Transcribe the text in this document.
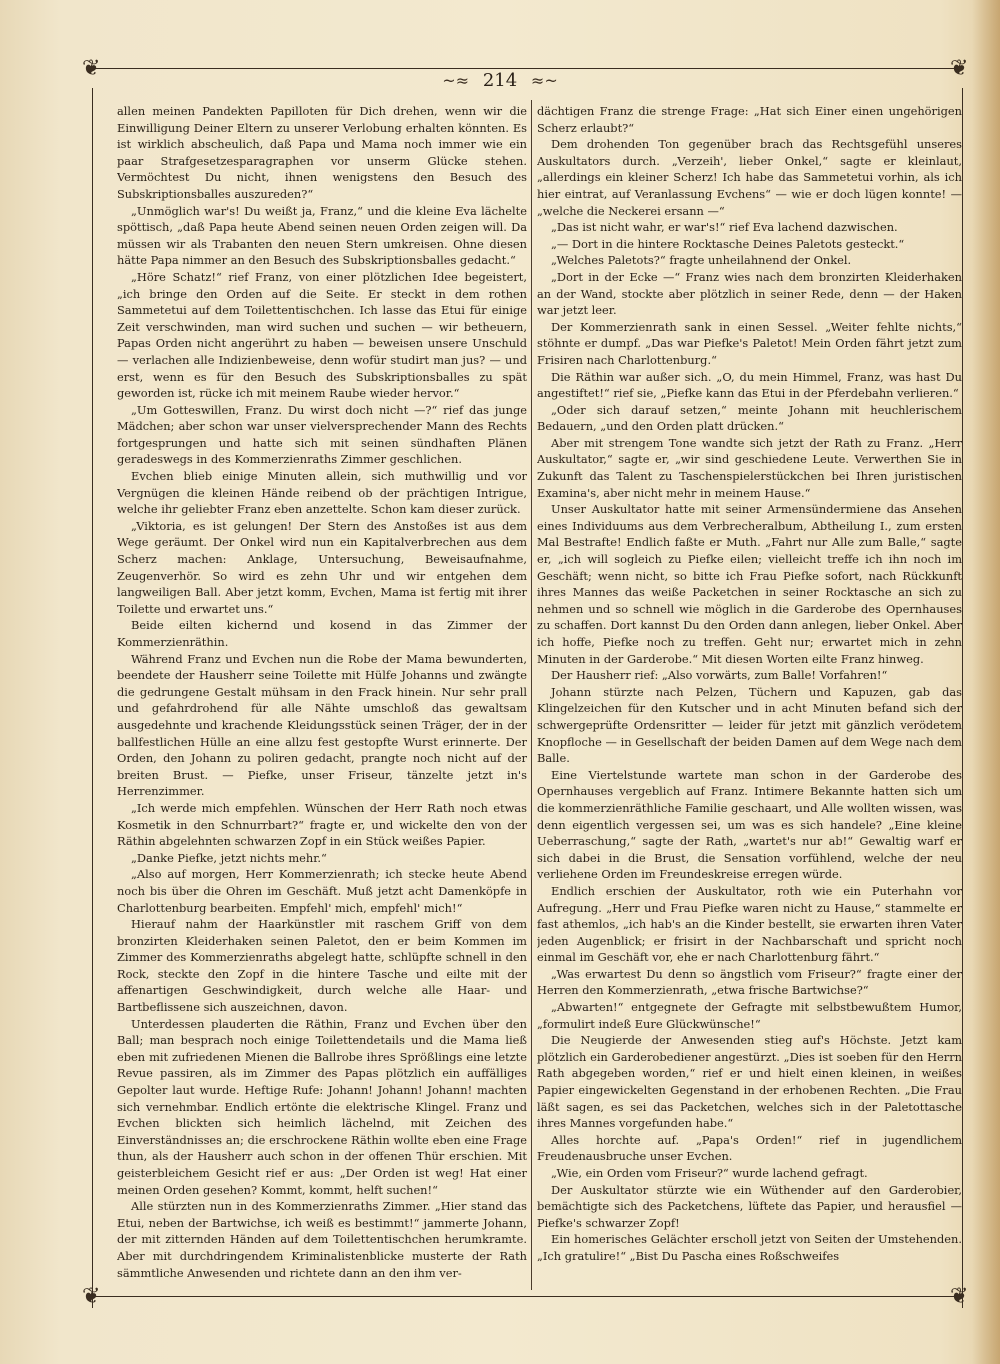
❦	❦
❦	❦
~≈ 214 ≈~

allen meinen Pandekten Papilloten für Dich drehen, wenn wir die Einwilligung Deiner Eltern zu unserer Verlobung erhalten könnten. Es ist wirklich abscheulich, daß Papa und Mama noch immer wie ein paar Strafgesetzesparagraphen vor unserm Glücke stehen. Vermöchtest Du nicht, ihnen wenigstens den Besuch des Subskriptionsballes auszureden?“

„Unmöglich war's! Du weißt ja, Franz,“ und die kleine Eva lächelte spöttisch, „daß Papa heute Abend seinen neuen Orden zeigen will. Da müssen wir als Trabanten den neuen Stern umkreisen. Ohne diesen hätte Papa nimmer an den Besuch des Subskriptionsballes gedacht.“

„Höre Schatz!“ rief Franz, von einer plötzlichen Idee begeistert, „ich bringe den Orden auf die Seite. Er steckt in dem rothen Sammetetui auf dem Toilettentischchen. Ich lasse das Etui für einige Zeit verschwinden, man wird suchen und suchen — wir betheuern, Papas Orden nicht angerührt zu haben — beweisen unsere Unschuld — verlachen alle Indizienbeweise, denn wofür studirt man jus? — und erst, wenn es für den Besuch des Subskriptionsballes zu spät geworden ist, rücke ich mit meinem Raube wieder hervor.“

„Um Gotteswillen, Franz. Du wirst doch nicht —?“ rief das junge Mädchen; aber schon war unser vielversprechender Mann des Rechts fortgesprungen und hatte sich mit seinen sündhaften Plänen geradeswegs in des Kommerzienraths Zimmer geschlichen.

Evchen blieb einige Minuten allein, sich muthwillig und vor Vergnügen die kleinen Hände reibend ob der prächtigen Intrigue, welche ihr geliebter Franz eben anzettelte. Schon kam dieser zurück.

„Viktoria, es ist gelungen! Der Stern des Anstoßes ist aus dem Wege geräumt. Der Onkel wird nun ein Kapitalverbrechen aus dem Scherz machen: Anklage, Untersuchung, Beweisaufnahme, Zeugenverhör. So wird es zehn Uhr und wir entgehen dem langweiligen Ball. Aber jetzt komm, Evchen, Mama ist fertig mit ihrer Toilette und erwartet uns.“

Beide eilten kichernd und kosend in das Zimmer der Kommerzienräthin.

Während Franz und Evchen nun die Robe der Mama bewunderten, beendete der Hausherr seine Toilette mit Hülfe Johanns und zwängte die gedrungene Gestalt mühsam in den Frack hinein. Nur sehr prall und gefahrdrohend für alle Nähte umschloß das gewaltsam ausgedehnte und krachende Kleidungsstück seinen Träger, der in der ballfestlichen Hülle an eine allzu fest gestopfte Wurst erinnerte. Der Orden, den Johann zu poliren gedacht, prangte noch nicht auf der breiten Brust. — Piefke, unser Friseur, tänzelte jetzt in's Herrenzimmer.

„Ich werde mich empfehlen. Wünschen der Herr Rath noch etwas Kosmetik in den Schnurrbart?“ fragte er, und wickelte den von der Räthin abgelehnten schwarzen Zopf in ein Stück weißes Papier.

„Danke Piefke, jetzt nichts mehr.“

„Also auf morgen, Herr Kommerzienrath; ich stecke heute Abend noch bis über die Ohren im Geschäft. Muß jetzt acht Damenköpfe in Charlottenburg bearbeiten. Empfehl' mich, empfehl' mich!“

Hierauf nahm der Haarkünstler mit raschem Griff von dem bronzirten Kleiderhaken seinen Paletot, den er beim Kommen im Zimmer des Kommerzienraths abgelegt hatte, schlüpfte schnell in den Rock, steckte den Zopf in die hintere Tasche und eilte mit der affenartigen Geschwindigkeit, durch welche alle Haar- und Bartbeflissene sich auszeichnen, davon.

Unterdessen plauderten die Räthin, Franz und Evchen über den Ball; man besprach noch einige Toilettendetails und die Mama ließ eben mit zufriedenen Mienen die Ballrobe ihres Sprößlings eine letzte Revue passiren, als im Zimmer des Papas plötzlich ein auffälliges Gepolter laut wurde. Heftige Rufe: Johann! Johann! Johann! machten sich vernehmbar. Endlich ertönte die elektrische Klingel. Franz und Evchen blickten sich heimlich lächelnd, mit Zeichen des Einverständnisses an; die erschrockene Räthin wollte eben eine Frage thun, als der Hausherr auch schon in der offenen Thür erschien. Mit geisterbleichem Gesicht rief er aus: „Der Orden ist weg! Hat einer meinen Orden gesehen? Kommt, kommt, helft suchen!“

Alle stürzten nun in des Kommerzienraths Zimmer. „Hier stand das Etui, neben der Bartwichse, ich weiß es bestimmt!“ jammerte Johann, der mit zitternden Händen auf dem Toilettentischchen herumkramte. Aber mit durchdringendem Kriminalistenblicke musterte der Rath sämmtliche Anwesenden und richtete dann an den ihm ver-

dächtigen Franz die strenge Frage: „Hat sich Einer einen ungehörigen Scherz erlaubt?“

Dem drohenden Ton gegenüber brach das Rechtsgefühl unseres Auskultators durch. „Verzeih', lieber Onkel,“ sagte er kleinlaut, „allerdings ein kleiner Scherz! Ich habe das Sammetetui vorhin, als ich hier eintrat, auf Veranlassung Evchens“ — wie er doch lügen konnte! — „welche die Neckerei ersann —“

„Das ist nicht wahr, er war's!“ rief Eva lachend dazwischen.

„— Dort in die hintere Rocktasche Deines Paletots gesteckt.“

„Welches Paletots?“ fragte unheilahnend der Onkel.

„Dort in der Ecke —“ Franz wies nach dem bronzirten Kleiderhaken an der Wand, stockte aber plötzlich in seiner Rede, denn — der Haken war jetzt leer.

Der Kommerzienrath sank in einen Sessel. „Weiter fehlte nichts,“ stöhnte er dumpf. „Das war Piefke's Paletot! Mein Orden fährt jetzt zum Frisiren nach Charlottenburg.“

Die Räthin war außer sich. „O, du mein Himmel, Franz, was hast Du angestiftet!“ rief sie, „Piefke kann das Etui in der Pferdebahn verlieren.“

„Oder sich darauf setzen,“ meinte Johann mit heuchlerischem Bedauern, „und den Orden platt drücken.“

Aber mit strengem Tone wandte sich jetzt der Rath zu Franz. „Herr Auskultator,“ sagte er, „wir sind geschiedene Leute. Verwerthen Sie in Zukunft das Talent zu Taschenspielerstückchen bei Ihren juristischen Examina's, aber nicht mehr in meinem Hause.“

Unser Auskultator hatte mit seiner Armensündermiene das Ansehen eines Individuums aus dem Verbrecheralbum, Abtheilung I., zum ersten Mal Bestrafte! Endlich faßte er Muth. „Fahrt nur Alle zum Balle,“ sagte er, „ich will sogleich zu Piefke eilen; vielleicht treffe ich ihn noch im Geschäft; wenn nicht, so bitte ich Frau Piefke sofort, nach Rückkunft ihres Mannes das weiße Packetchen in seiner Rocktasche an sich zu nehmen und so schnell wie möglich in die Garderobe des Opernhauses zu schaffen. Dort kannst Du den Orden dann anlegen, lieber Onkel. Aber ich hoffe, Piefke noch zu treffen. Geht nur; erwartet mich in zehn Minuten in der Garderobe.“ Mit diesen Worten eilte Franz hinweg.

Der Hausherr rief: „Also vorwärts, zum Balle! Vorfahren!“

Johann stürzte nach Pelzen, Tüchern und Kapuzen, gab das Klingelzeichen für den Kutscher und in acht Minuten befand sich der schwergeprüfte Ordensritter — leider für jetzt mit gänzlich verödetem Knopfloche — in Gesellschaft der beiden Damen auf dem Wege nach dem Balle.

Eine Viertelstunde wartete man schon in der Garderobe des Opernhauses vergeblich auf Franz. Intimere Bekannte hatten sich um die kommerzienräthliche Familie geschaart, und Alle wollten wissen, was denn eigentlich vergessen sei, um was es sich handele? „Eine kleine Ueberraschung,“ sagte der Rath, „wartet's nur ab!“ Gewaltig warf er sich dabei in die Brust, die Sensation vorfühlend, welche der neu verliehene Orden im Freundeskreise erregen würde.

Endlich erschien der Auskultator, roth wie ein Puterhahn vor Aufregung. „Herr und Frau Piefke waren nicht zu Hause,“ stammelte er fast athemlos, „ich hab's an die Kinder bestellt, sie erwarten ihren Vater jeden Augenblick; er frisirt in der Nachbarschaft und spricht noch einmal im Geschäft vor, ehe er nach Charlottenburg fährt.“

„Was erwartest Du denn so ängstlich vom Friseur?“ fragte einer der Herren den Kommerzienrath, „etwa frische Bartwichse?“

„Abwarten!“ entgegnete der Gefragte mit selbstbewußtem Humor, „formulirt indeß Eure Glückwünsche!“

Die Neugierde der Anwesenden stieg auf's Höchste. Jetzt kam plötzlich ein Garderobediener angestürzt. „Dies ist soeben für den Herrn Rath abgegeben worden,“ rief er und hielt einen kleinen, in weißes Papier eingewickelten Gegenstand in der erhobenen Rechten. „Die Frau läßt sagen, es sei das Packetchen, welches sich in der Paletottasche ihres Mannes vorgefunden habe.“

Alles horchte auf. „Papa's Orden!“ rief in jugendlichem Freudenausbruche unser Evchen.

„Wie, ein Orden vom Friseur?“ wurde lachend gefragt.

Der Auskultator stürzte wie ein Wüthender auf den Garderobier, bemächtigte sich des Packetchens, lüftete das Papier, und herausfiel — Piefke's schwarzer Zopf!

Ein homerisches Gelächter erscholl jetzt von Seiten der Umstehenden. „Ich gratulire!“ „Bist Du Pascha eines Roßschweifes
